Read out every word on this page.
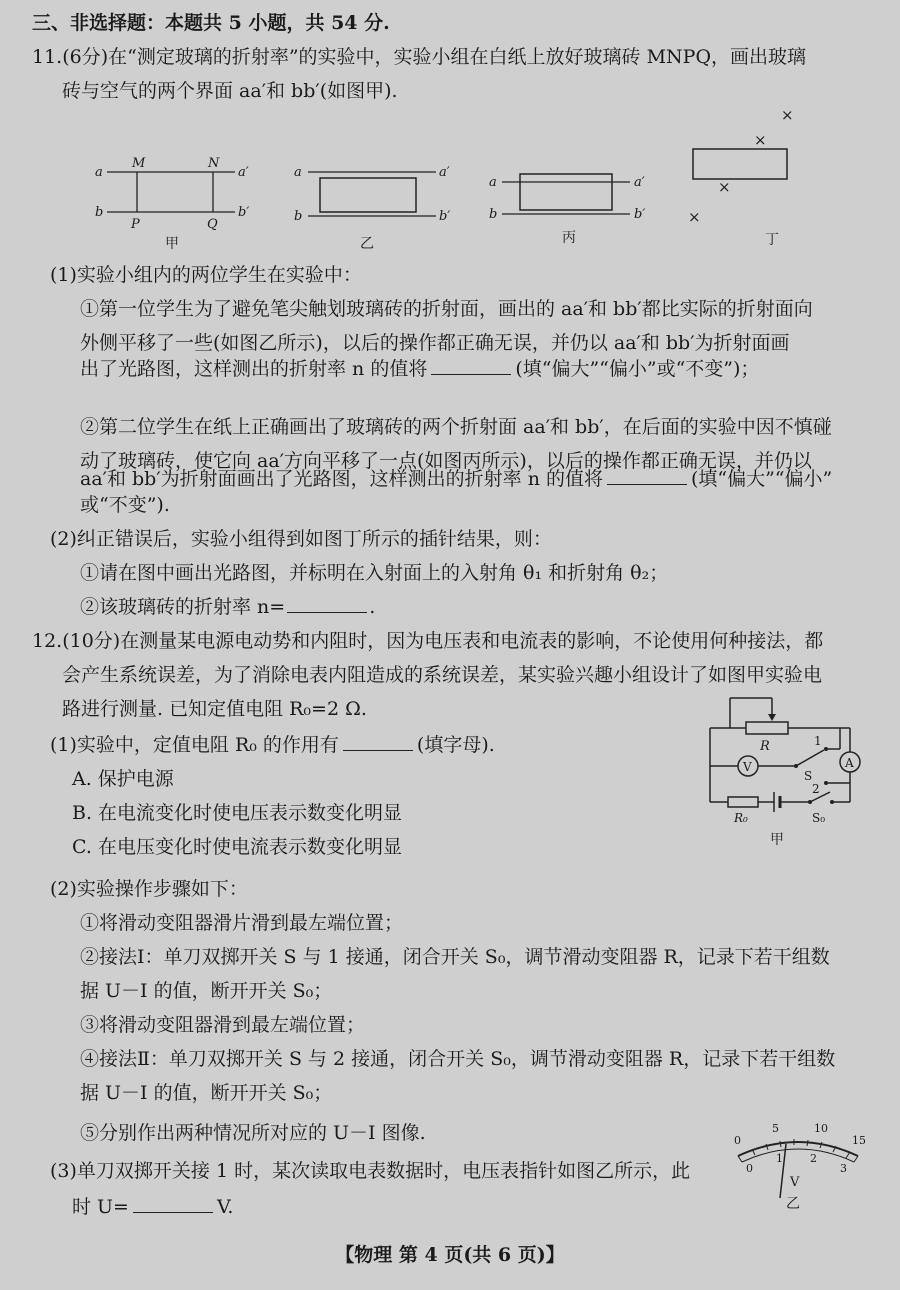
三、非选择题：本题共 5 小题，共 54 分.
11.(6分)在“测定玻璃的折射率”的实验中，实验小组在白纸上放好玻璃砖 MNPQ，画出玻璃
砖与空气的两个界面 aa′和 bb′(如图甲).
a	a′
b	b′
M	N
P	Q
甲
a	a′
b	b′
乙
a	a′
b	b′
丙
×
×
×
×
丁
(1)实验小组内的两位学生在实验中：
①第一位学生为了避免笔尖触划玻璃砖的折射面，画出的 aa′和 bb′都比实际的折射面向
外侧平移了一些(如图乙所示)，以后的操作都正确无误，并仍以 aa′和 bb′为折射面画
出了光路图，这样测出的折射率 n 的值将	(填“偏大”“偏小”或“不变”)；
②第二位学生在纸上正确画出了玻璃砖的两个折射面 aa′和 bb′，在后面的实验中因不慎碰
动了玻璃砖，使它向 aa′方向平移了一点(如图丙所示)，以后的操作都正确无误，并仍以
aa′和 bb′为折射面画出了光路图，这样测出的折射率 n 的值将	(填“偏大”“偏小”
或“不变”).
(2)纠正错误后，实验小组得到如图丁所示的插针结果，则：
①请在图中画出光路图，并标明在入射面上的入射角 θ₁ 和折射角 θ₂；
②该玻璃砖的折射率 n=	.
12.(10分)在测量某电源电动势和内阻时，因为电压表和电流表的影响，不论使用何种接法，都
会产生系统误差，为了消除电表内阻造成的系统误差，某实验兴趣小组设计了如图甲实验电
路进行测量. 已知定值电阻 R₀=2 Ω.
(1)实验中，定值电阻 R₀ 的作用有	(填字母).
A. 保护电源
B. 在电流变化时使电压表示数变化明显
C. 在电压变化时使电流表示数变化明显
R
V
1
S
2
A
R₀	S₀
甲
(2)实验操作步骤如下：
①将滑动变阻器滑片滑到最左端位置；
②接法Ⅰ：单刀双掷开关 S 与 1 接通，闭合开关 S₀，调节滑动变阻器 R，记录下若干组数
据 U－I 的值，断开开关 S₀；
③将滑动变阻器滑到最左端位置；
④接法Ⅱ：单刀双掷开关 S 与 2 接通，闭合开关 S₀，调节滑动变阻器 R，记录下若干组数
据 U－I 的值，断开开关 S₀；
⑤分别作出两种情况所对应的 U－I 图像.
(3)单刀双掷开关接 1 时，某次读取电表数据时，电压表指针如图乙所示，此
时 U=	V.
0
5	10
15
0
1 2
3
V
乙
【物理 第 4 页(共 6 页)】
